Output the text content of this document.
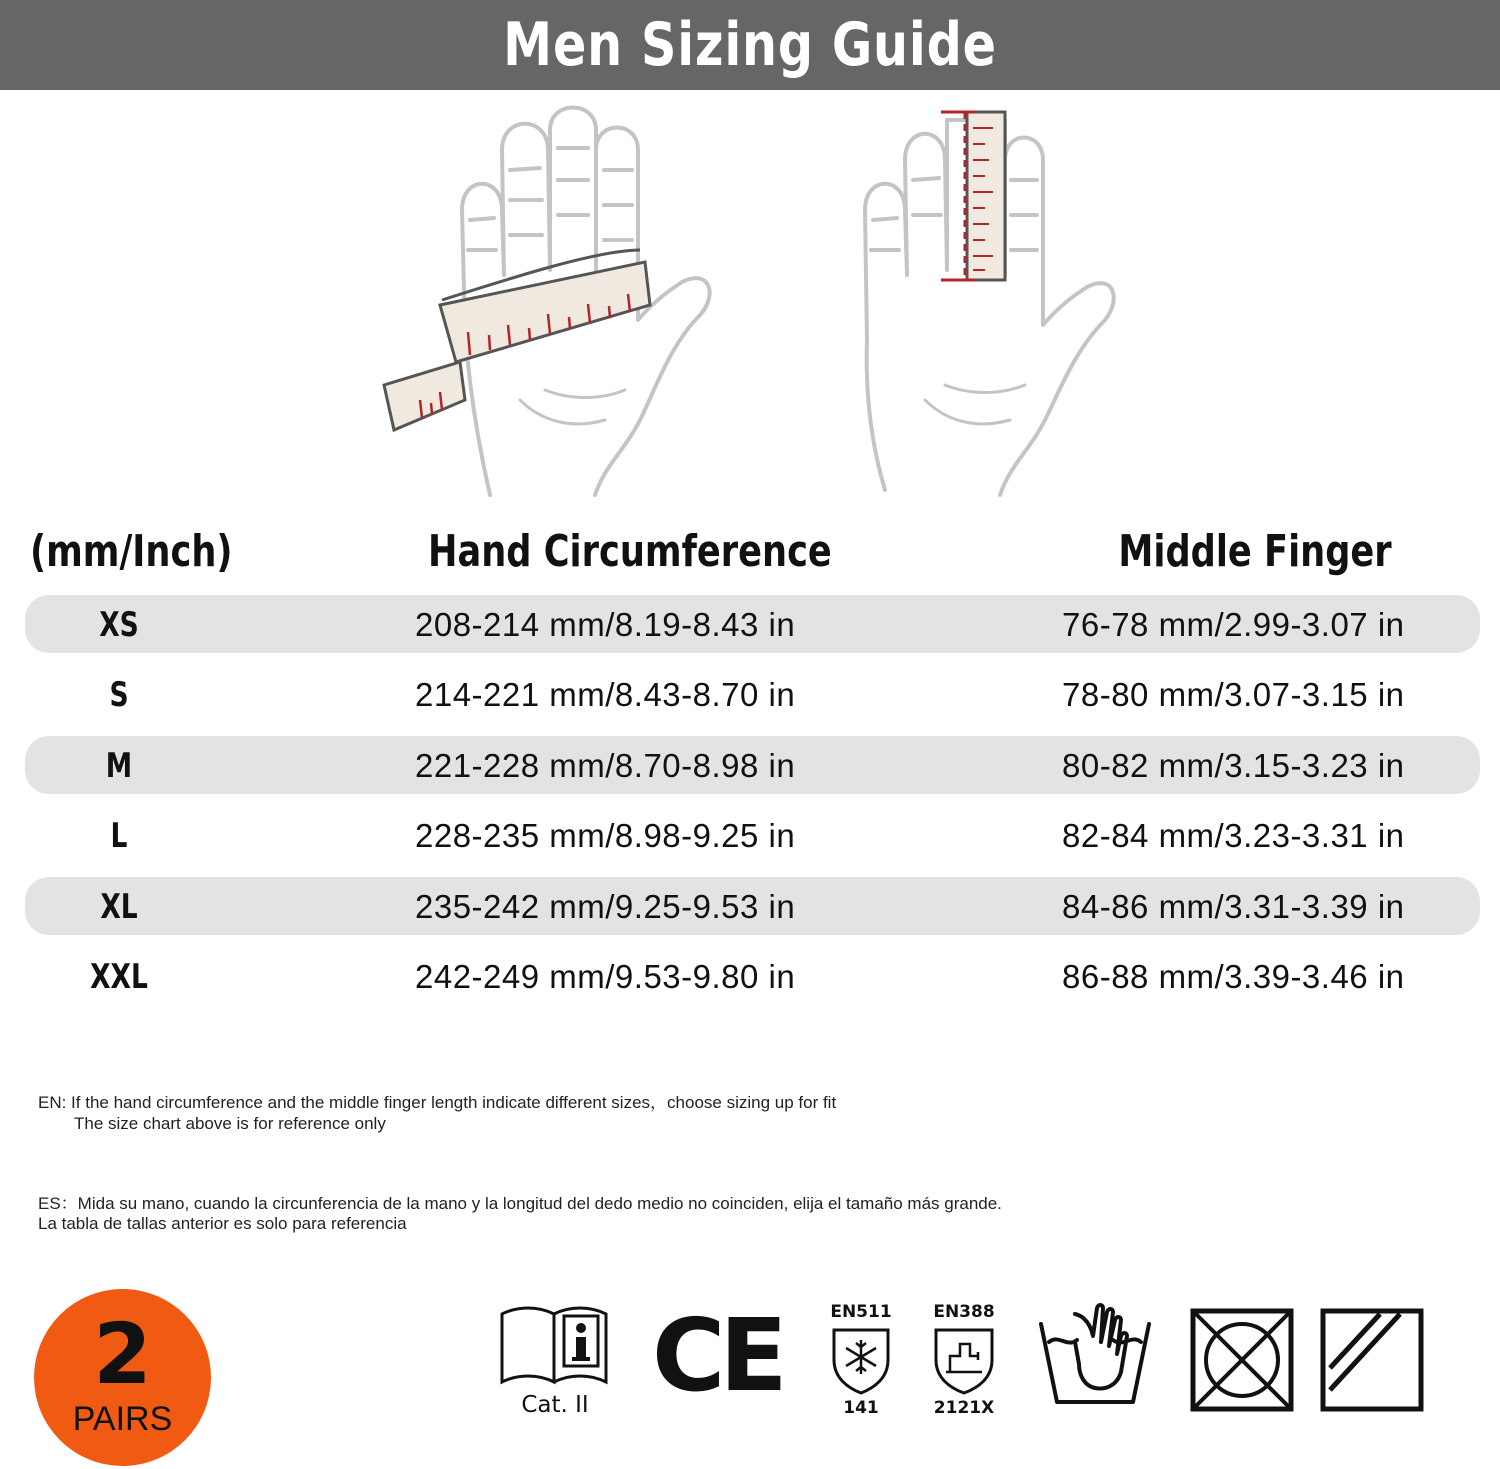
Men Sizing Guide
(mm/Inch)	Hand Circumference	Middle Finger
XS	208-214 mm/8.19-8.43 in	76-78 mm/2.99-3.07 in
S	214-221 mm/8.43-8.70 in	78-80 mm/3.07-3.15 in
M	221-228 mm/8.70-8.98 in	80-82 mm/3.15-3.23 in
L	228-235 mm/8.98-9.25 in	82-84 mm/3.23-3.31 in
XL	235-242 mm/9.25-9.53 in	84-86 mm/3.31-3.39 in
XXL	242-249 mm/9.53-9.80 in	86-88 mm/3.39-3.46 in
EN: If the hand circumference and the middle finger length indicate different sizes，choose sizing up for fit
The size chart above is for reference only
ES：Mida su mano, cuando la circunferencia de la mano y la longitud del dedo medio no coinciden, elija el tamaño más grande.
La tabla de tallas anterior es solo para referencia
2
PAIRS	Cat. II CE	EN511
141
EN388
2121X
